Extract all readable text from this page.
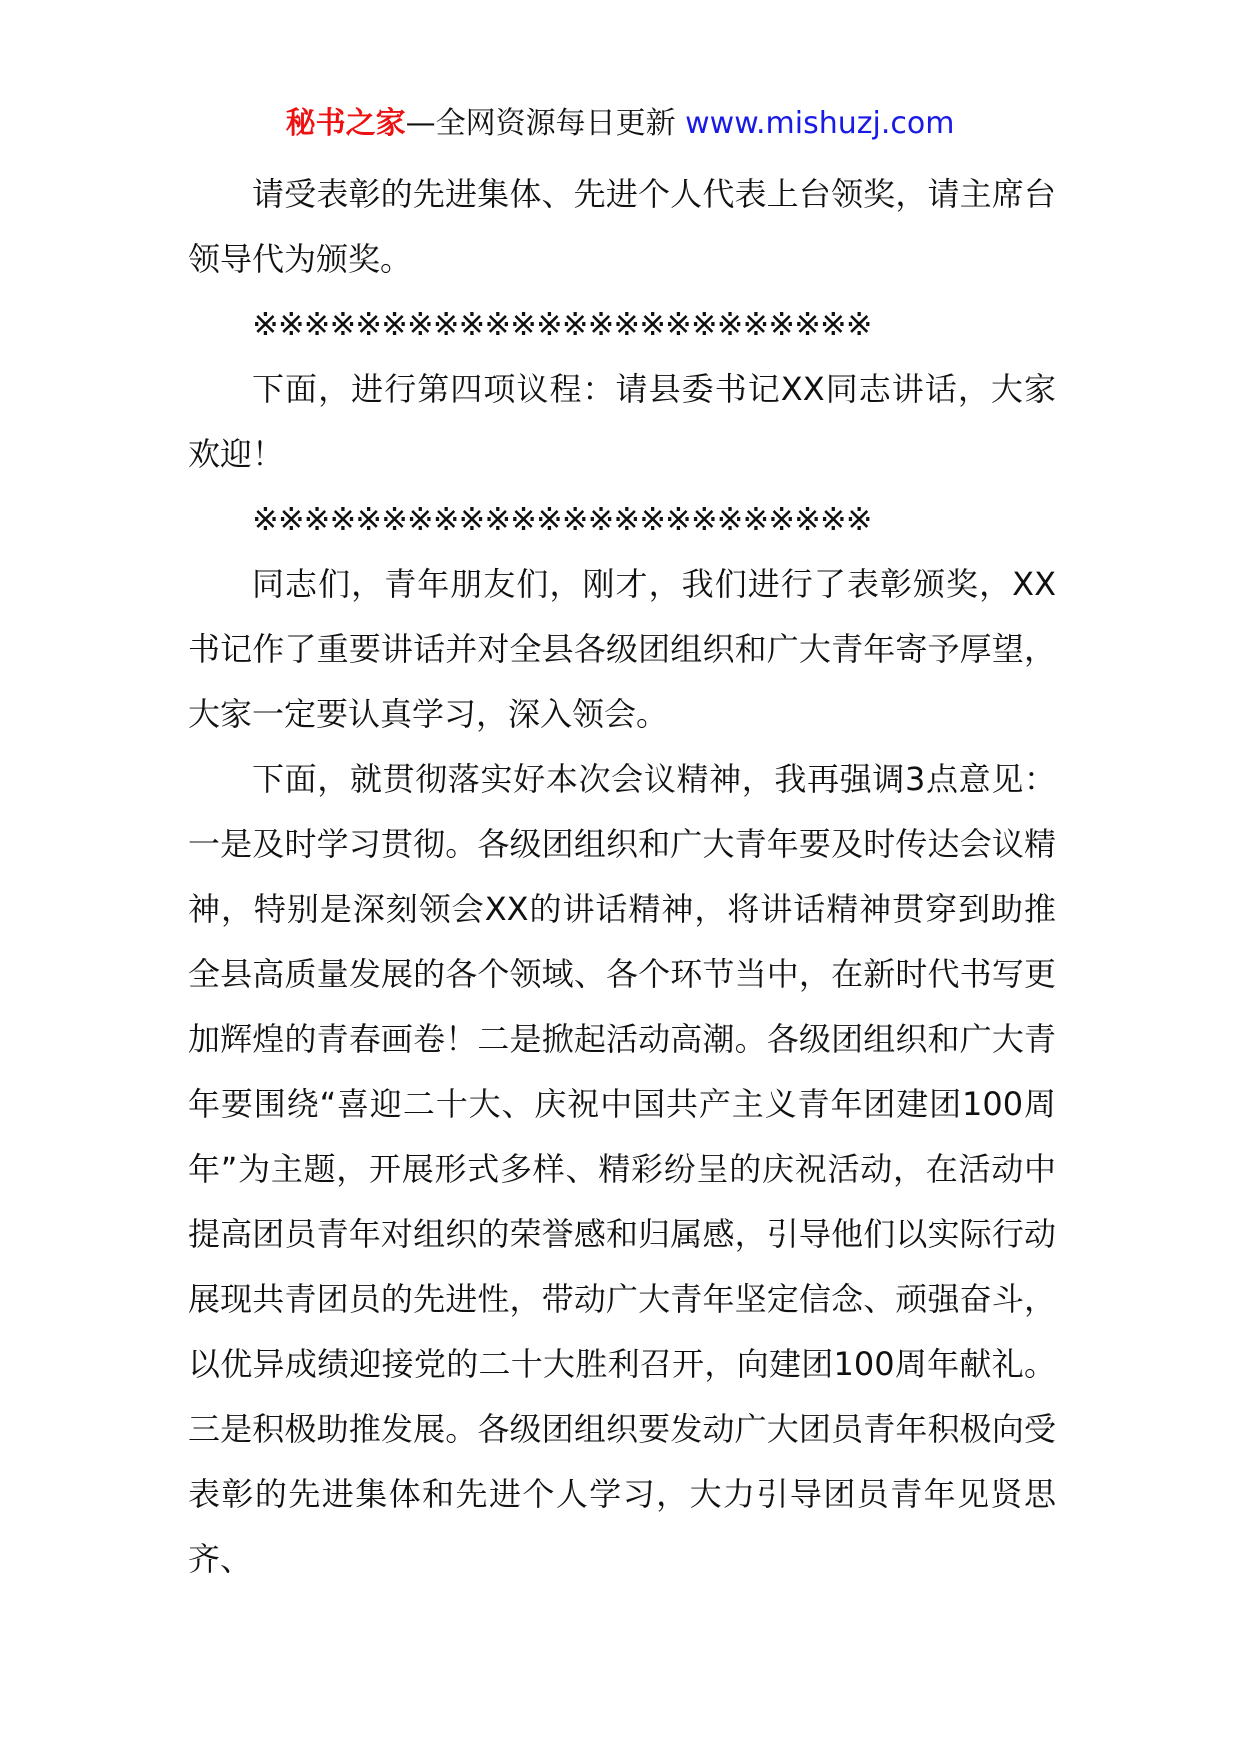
秘书之家—全网资源每日更新 www.mishuzj.com

请受表彰的先进集体、先进个人代表上台领奖，请主席台领导代为颁奖。

※※※※※※※※※※※※※※※※※※※※※※※※

下面，进行第四项议程：请县委书记XX同志讲话，大家欢迎！

※※※※※※※※※※※※※※※※※※※※※※※※

同志们，青年朋友们，刚才，我们进行了表彰颁奖，XX书记作了重要讲话并对全县各级团组织和广大青年寄予厚望，大家一定要认真学习，深入领会。

下面，就贯彻落实好本次会议精神，我再强调3点意见：一是及时学习贯彻。各级团组织和广大青年要及时传达会议精神，特别是深刻领会XX的讲话精神，将讲话精神贯穿到助推全县高质量发展的各个领域、各个环节当中，在新时代书写更加辉煌的青春画卷！二是掀起活动高潮。各级团组织和广大青年要围绕“喜迎二十大、庆祝中国共产主义青年团建团100周年”为主题，开展形式多样、精彩纷呈的庆祝活动，在活动中提高团员青年对组织的荣誉感和归属感，引导他们以实际行动展现共青团员的先进性，带动广大青年坚定信念、顽强奋斗，以优异成绩迎接党的二十大胜利召开，向建团100周年献礼。三是积极助推发展。各级团组织要发动广大团员青年积极向受表彰的先进集体和先进个人学习，大力引导团员青年见贤思齐、
